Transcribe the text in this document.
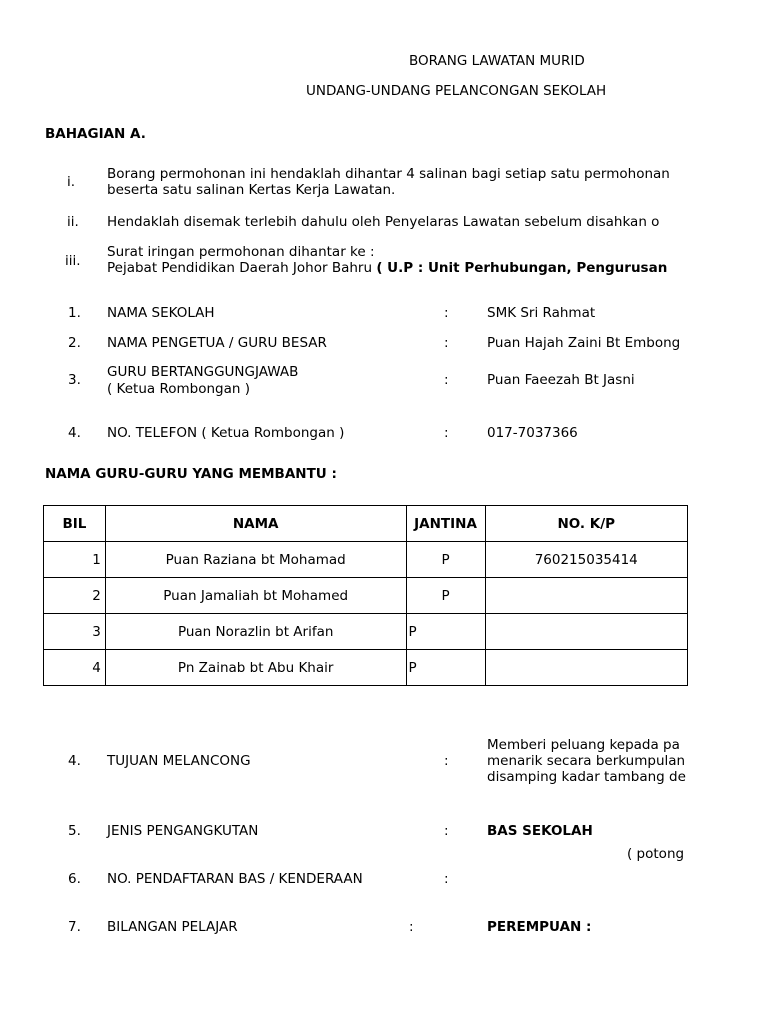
BORANG LAWATAN MURID
UNDANG-UNDANG PELANCONGAN SEKOLAH
BAHAGIAN A.
i. Borang permohonan ini hendaklah dihantar 4 salinan bagi setiap satu permohonan
beserta satu salinan Kertas Kerja Lawatan.
ii. Hendaklah disemak terlebih dahulu oleh Penyelaras Lawatan sebelum disahkan o
iii.
Surat iringan permohonan dihantar ke :
Pejabat Pendidikan Daerah Johor Bahru ( U.P : Unit Perhubungan, Pengurusan
1. NAMA SEKOLAH	:	SMK Sri Rahmat
2. NAMA PENGETUA / GURU BESAR	:	Puan Hajah Zaini Bt Embong
3. GURU BERTANGGUNGJAWAB
( Ketua Rombongan )
:	Puan Faeezah Bt Jasni
4. NO. TELEFON ( Ketua Rombongan )	:	017-7037366
NAMA GURU-GURU YANG MEMBANTU :
BIL	NAMA	JANTINA	NO. K/P
1	Puan Raziana bt Mohamad	P	760215035414
2	Puan Jamaliah bt Mohamed	P	
3	Puan Norazlin bt Arifan	P	
4	Pn Zainab bt Abu Khair	P	
4. TUJUAN MELANCONG	:
Memberi peluang kepada pa
menarik secara berkumpulan
disamping kadar tambang de
5. JENIS PENGANGKUTAN	:	BAS SEKOLAH
( potong
6. NO. PENDAFTARAN BAS / KENDERAAN	:
7. BILANGAN PELAJAR	:	PEREMPUAN :
